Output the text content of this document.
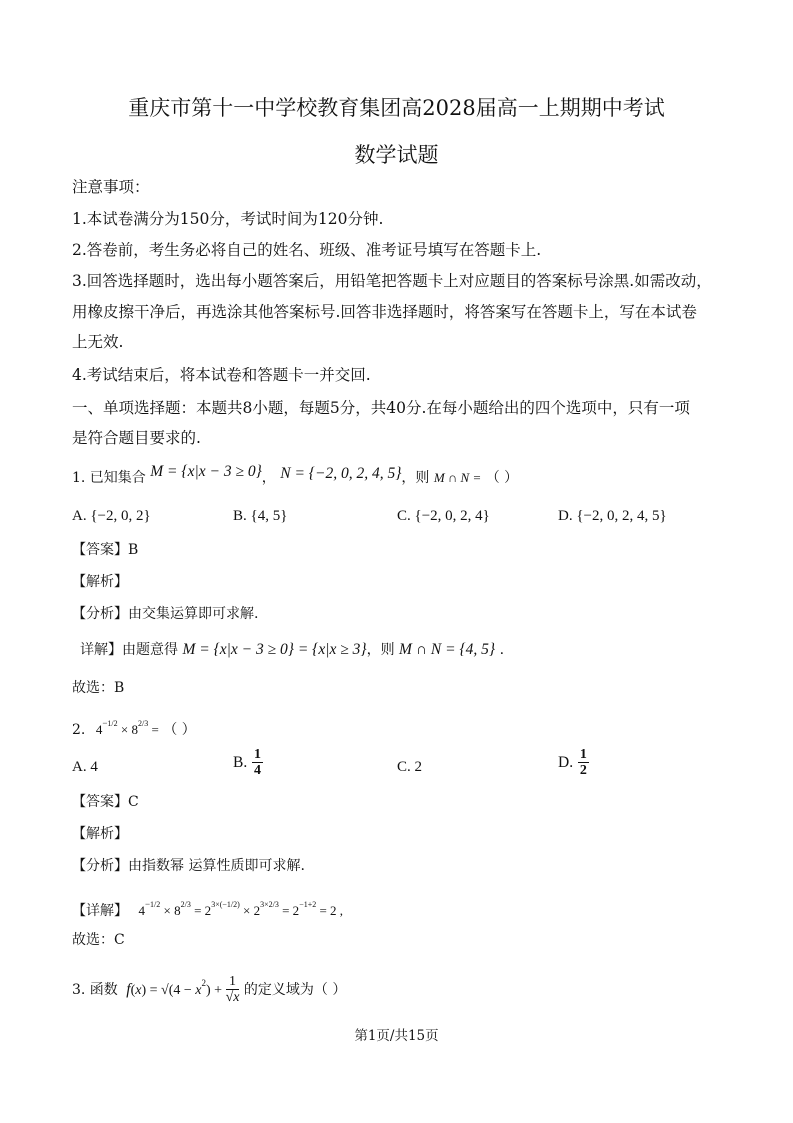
重庆市第十一中学校教育集团高2028届高一上期期中考试
数学试题
注意事项：
1.本试卷满分为150分，考试时间为120分钟.
2.答卷前，考生务必将自己的姓名、班级、准考证号填写在答题卡上.
3.回答选择题时，选出每小题答案后，用铅笔把答题卡上对应题目的答案标号涂黑.如需改动，
用橡皮擦干净后，再选涂其他答案标号.回答非选择题时，将答案写在答题卡上，写在本试卷
上无效.
4.考试结束后，将本试卷和答题卡一并交回.
一、单项选择题：本题共8小题，每题5分，共40分.在每小题给出的四个选项中，只有一项
是符合题目要求的.
1. 已知集合 M = {x|x − 3 ≥ 0}， N = {−2, 0, 2, 4, 5}，则 M ∩ N = （ ）
A. {−2, 0, 2}	B. {4, 5}	C. {−2, 0, 2, 4}	D. {−2, 0, 2, 4, 5}
【答案】B
【解析】
【分析】由交集运算即可求解.
详解】由题意得 M = {x|x − 3 ≥ 0} = {x|x ≥ 3}，则 M ∩ N = {4, 5} .
故选：B
2. $4^{-1/2} \times 8^{2/3}$ = （ ）
A. 4	B. $\frac{1}{4}$	C. 2	D. $\frac{1}{2}$
【答案】C
【解析】
【分析】由指数幂 运算性质即可求解.
【详解】 $4^{-1/2} \times 8^{2/3} = 2^{3\times(-1/2)} \times 2^{3\times 2/3} = 2^{-1+2} = 2$ ,
故选：C
3. 函数 $f(x) = √(4 - x^2) + \frac{1}{√x}$ 的定义域为（ ）
第1页/共15页
